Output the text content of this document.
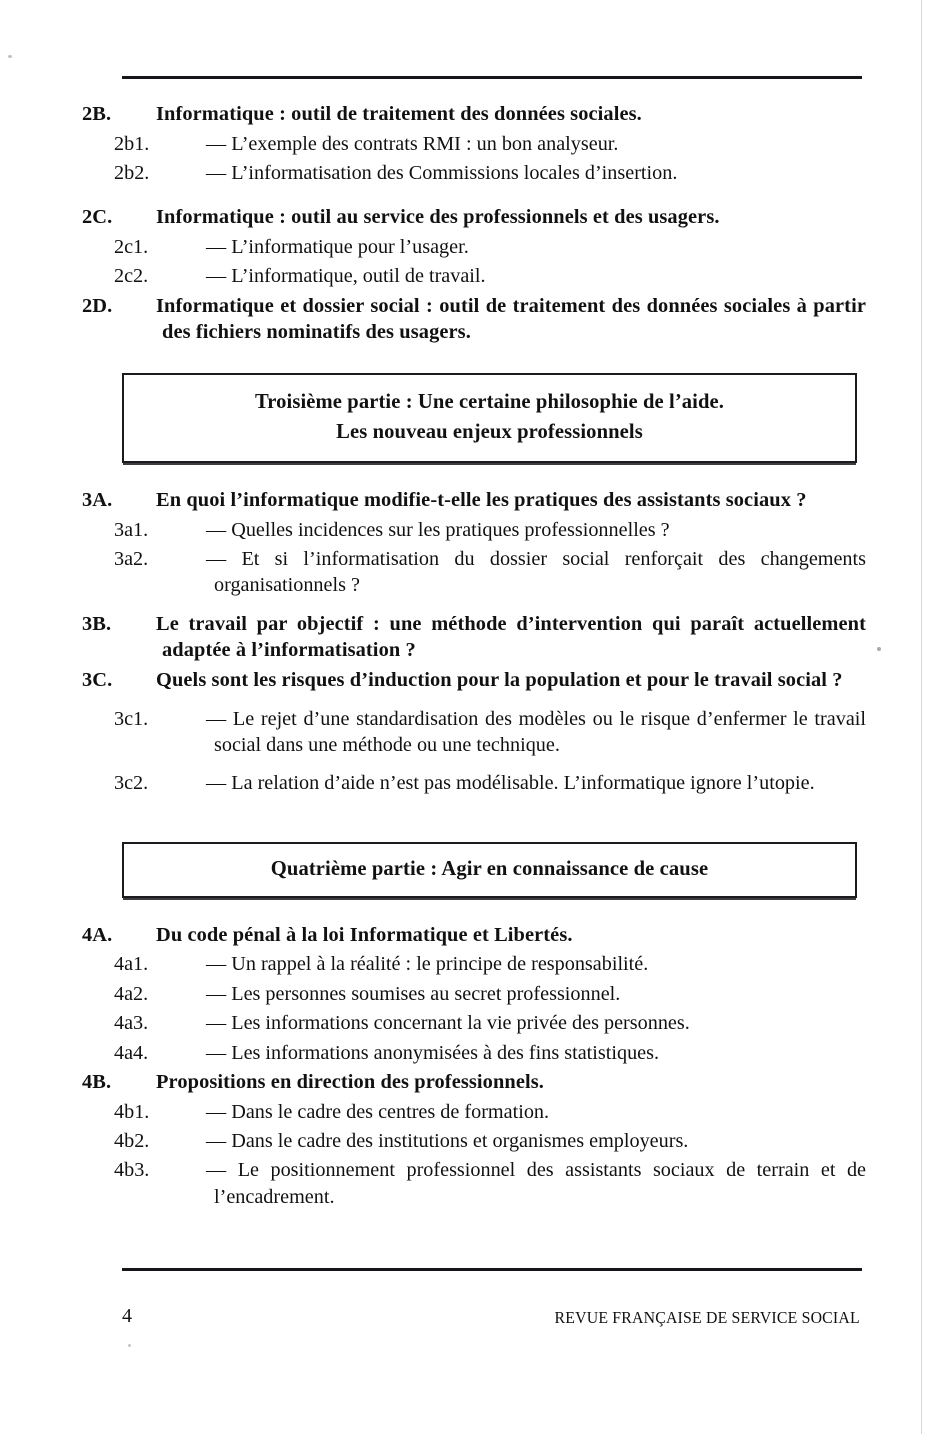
2B. Informatique : outil de traitement des données sociales.

2b1.	— L’exemple des contrats RMI : un bon analyseur.

2b2.	— L’informatisation des Commissions locales d’insertion.

2C. Informatique : outil au service des professionnels et des usagers.

2c1.	— L’informatique pour l’usager.

2c2.	— L’informatique, outil de travail.

2D. Informatique et dossier social : outil de traitement des données sociales à partir des fichiers nominatifs des usagers.

Troisième partie : Une certaine philosophie de l’aide.
Les nouveau enjeux professionnels

3A. En quoi l’informatique modifie-t-elle les pratiques des assistants sociaux ?

3a1.	— Quelles incidences sur les pratiques professionnelles ?

3a2.	— Et si l’informatisation du dossier social renforçait des changements organisationnels ?

3B. Le travail par objectif : une méthode d’intervention qui paraît actuellement adaptée à l’informatisation ?

3C. Quels sont les risques d’induction pour la population et pour le travail social ?

3c1.	— Le rejet d’une standardisation des modèles ou le risque d’enfermer le travail social dans une méthode ou une technique.

3c2.	— La relation d’aide n’est pas modélisable. L’informatique ignore l’utopie.

Quatrième partie : Agir en connaissance de cause

4A. Du code pénal à la loi Informatique et Libertés.

4a1.	— Un rappel à la réalité : le principe de responsabilité.

4a2.	— Les personnes soumises au secret professionnel.

4a3.	— Les informations concernant la vie privée des personnes.

4a4.	— Les informations anonymisées à des fins statistiques.

4B. Propositions en direction des professionnels.

4b1.	— Dans le cadre des centres de formation.

4b2.	— Dans le cadre des institutions et organismes employeurs.

4b3.	— Le positionnement professionnel des assistants sociaux de terrain et de l’encadrement.

4	REVUE FRANÇAISE DE SERVICE SOCIAL
